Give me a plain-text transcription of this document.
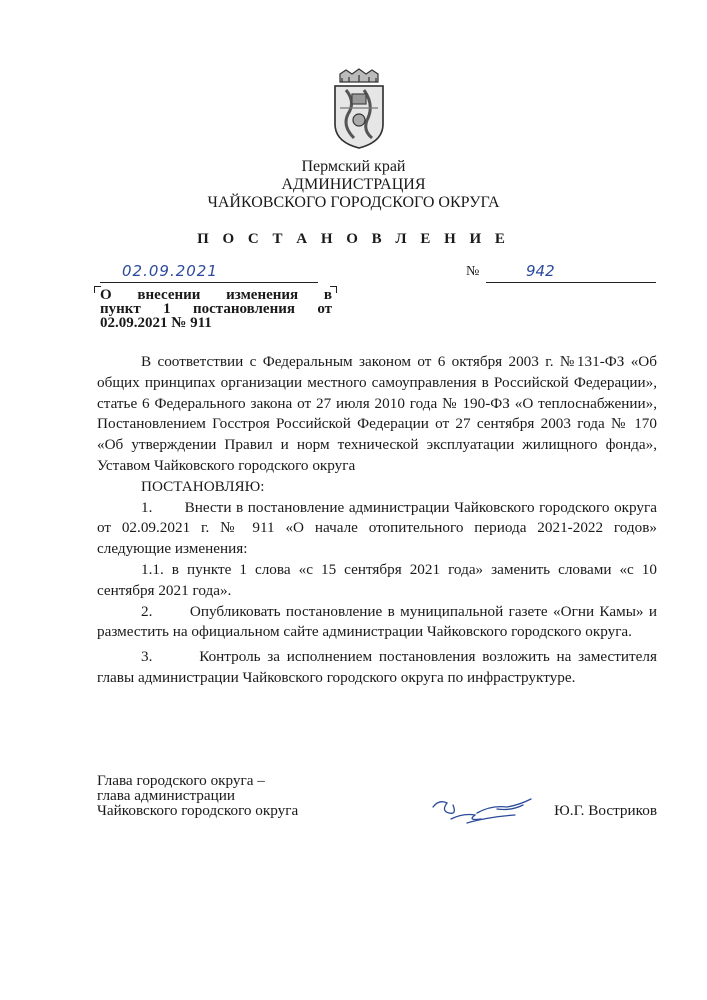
Пермский край
АДМИНИСТРАЦИЯ
ЧАЙКОВСКОГО ГОРОДСКОГО ОКРУГА
П О С Т А Н О В Л Е Н И Е
02.09.2021	№	942
О внесении изменения в
пункт 1 постановления от
02.09.2021 № 911

В соответствии с Федеральным законом от 6 октября 2003 г. №131-ФЗ «Об общих принципах организации местного самоуправления в Российской Федерации», статье 6 Федерального закона от 27 июля 2010 года № 190-ФЗ «О теплоснабжении», Постановлением Госстроя Российской Федерации от 27 сентября 2003 года № 170 «Об утверждении Правил и норм технической эксплуатации жилищного фонда», Уставом Чайковского городского округа

ПОСТАНОВЛЯЮ:

1.       Внести в постановление администрации Чайковского городского округа от 02.09.2021 г. № 911 «О начале отопительного периода 2021-2022 годов» следующие изменения:

1.1. в пункте 1 слова «с 15 сентября 2021 года» заменить словами «с 10 сентября 2021 года».

2.       Опубликовать постановление в муниципальной газете «Огни Камы» и разместить на официальном сайте администрации Чайковского городского округа.

3.       Контроль за исполнением постановления возложить на заместителя главы администрации Чайковского городского округа по инфраструктуре.

Глава городского округа –
глава администрации
Чайковского городского округа	Ю.Г. Востриков
